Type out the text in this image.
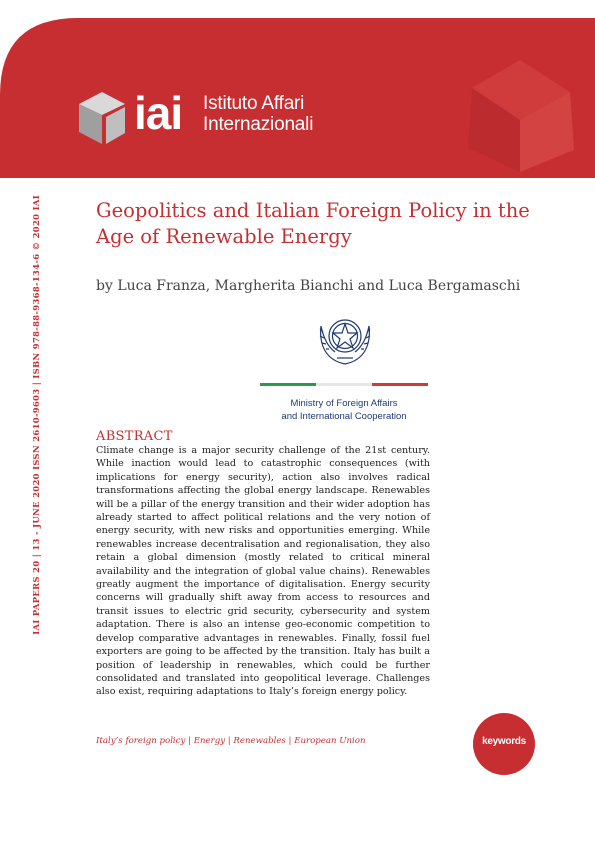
iai Istituto Affari
Internazionali
IAI PAPERS 20 | 13 - JUNE 2020 ISSN 2610-9603 | ISBN 978-88-9368-134-6 © 2020 IAI	Geopolitics and Italian Foreign Policy in the Age of Renewable Energy

by Luca Franza, Margherita Bianchi and Luca Bergamaschi

Ministry of Foreign Affairs
and International Cooperation
ABSTRACT

Climate change is a major security challenge of the 21st century. While inaction would lead to catastrophic consequences (with implications for energy security), action also involves radical transformations affecting the global energy landscape. Renewables will be a pillar of the energy transition and their wider adoption has already started to affect political relations and the very notion of energy security, with new risks and opportunities emerging. While renewables increase decentralisation and regionalisation, they also retain a global dimension (mostly related to critical mineral availability and the integration of global value chains). Renewables greatly augment the importance of digitalisation. Energy security concerns will gradually shift away from access to resources and transit issues to electric grid security, cybersecurity and system adaptation. There is also an intense geo-economic competition to develop comparative advantages in renewables. Finally, fossil fuel exporters are going to be affected by the transition. Italy has built a position of leadership in renewables, which could be further consolidated and translated into geopolitical leverage. Challenges also exist, requiring adaptations to Italy’s foreign energy policy.

Italy’s foreign policy | Energy | Renewables | European Union	keywords
